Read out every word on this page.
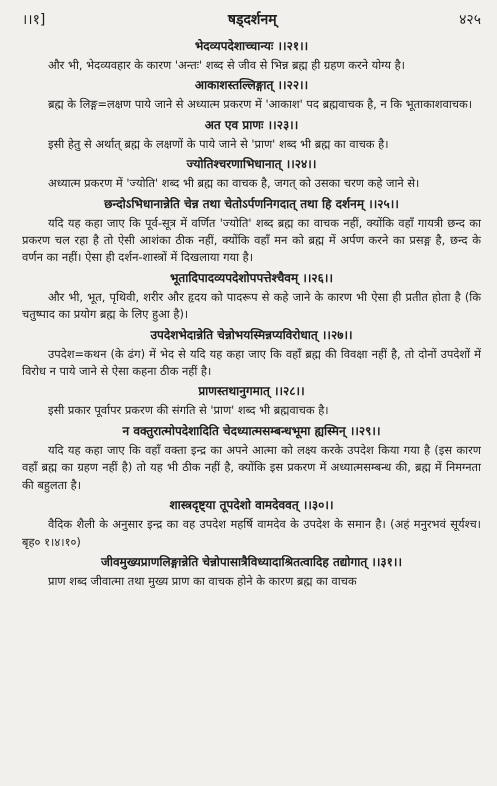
।।१]	षड्दर्शनम्	४२५
भेदव्यपदेशाच्चान्यः ।।२१।।

और भी, भेदव्यवहार के कारण 'अन्तः' शब्द से जीव से भिन्न ब्रह्म ही ग्रहण करने योग्य है।

आकाशस्तल्लिङ्गात् ।।२२।।

ब्रह्म के लिङ्ग=लक्षण पाये जाने से अध्यात्म प्रकरण में 'आकाश' पद ब्रह्मवाचक है, न कि भूताकाशवाचक।

अत एव प्राणः ।।२३।।

इसी हेतु से अर्थात् ब्रह्म के लक्षणों के पाये जाने से 'प्राण' शब्द भी ब्रह्म का वाचक है।

ज्योतिश्चरणाभिधानात् ।।२४।।

अध्यात्म प्रकरण में 'ज्योति' शब्द भी ब्रह्म का वाचक है, जगत् को उसका चरण कहे जाने से।

छन्दोऽभिधानान्नेति चेन्न तथा चेतोऽर्पणनिगदात् तथा हि दर्शनम् ।।२५।।

यदि यह कहा जाए कि पूर्व-सूत्र में वर्णित 'ज्योति' शब्द ब्रह्म का वाचक नहीं, क्योंकि वहाँ गायत्री छन्द का प्रकरण चल रहा है तो ऐसी आशंका ठीक नहीं, क्योंकि वहाँ मन को ब्रह्म में अर्पण करने का प्रसङ्ग है, छन्द के वर्णन का नहीं। ऐसा ही दर्शन-शास्त्रों में दिखलाया गया है।

भूतादिपादव्यपदेशोपपत्तेश्चैवम् ।।२६।।

और भी, भूत, पृथिवी, शरीर और हृदय को पादरूप से कहे जाने के कारण भी ऐसा ही प्रतीत होता है (कि चतुष्पाद का प्रयोग ब्रह्म के लिए हुआ है)।

उपदेशभेदान्नेति चेन्नोभयस्मिन्नप्यविरोधात् ।।२७।।

उपदेश=कथन (के ढंग) में भेद से यदि यह कहा जाए कि वहाँ ब्रह्म की विवक्षा नहीं है, तो दोनों उपदेशों में विरोध न पाये जाने से ऐसा कहना ठीक नहीं है।

प्राणस्तथानुगमात् ।।२८।।

इसी प्रकार पूर्वापर प्रकरण की संगति से 'प्राण' शब्द भी ब्रह्मवाचक है।

न वक्तुरात्मोपदेशादिति चेदध्यात्मसम्बन्धभूमा ह्यस्मिन् ।।२९।।

यदि यह कहा जाए कि वहाँ वक्ता इन्द्र का अपने आत्मा को लक्ष्य करके उपदेश किया गया है (इस कारण वहाँ ब्रह्म का ग्रहण नहीं है) तो यह भी ठीक नहीं है, क्योंकि इस प्रकरण में अध्यात्मसम्बन्ध की, ब्रह्म में निमग्नता की बहुलता है।

शास्त्रदृष्ट्या तूपदेशो वामदेववत् ।।३०।।

वैदिक शैली के अनुसार इन्द्र का वह उपदेश महर्षि वामदेव के उपदेश के समान है। (अहं मनुरभवं सूर्यश्च। बृह० १।४।१०)

जीवमुख्यप्राणलिङ्गान्नेति चेन्नोपासात्रैविध्यादाश्रितत्वादिह तद्योगात् ।।३१।।

प्राण शब्द जीवात्मा तथा मुख्य प्राण का वाचक होने के कारण ब्रह्म का वाचक
